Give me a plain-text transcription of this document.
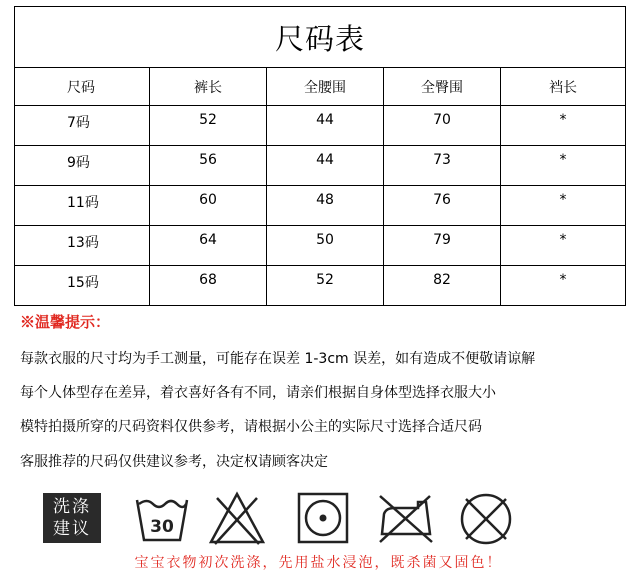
尺码表				
尺码	裤长	全腰围	全臀围	裆长
7码	52	44	70	*
9码	56	44	73	*
11码	60	48	76	*
13码	64	50	79	*
15码	68	52	82	*
※温馨提示：
每款衣服的尺寸均为手工测量，可能存在误差 1-3cm 误差，如有造成不便敬请谅解
每个人体型存在差异，着衣喜好各有不同，请亲们根据自身体型选择衣服大小
模特拍摄所穿的尺码资料仅供参考，请根据小公主的实际尺寸选择合适尺码
客服推荐的尺码仅供建议参考，决定权请顾客决定
洗涤
建议	30
宝宝衣物初次洗涤，先用盐水浸泡，既杀菌又固色！
